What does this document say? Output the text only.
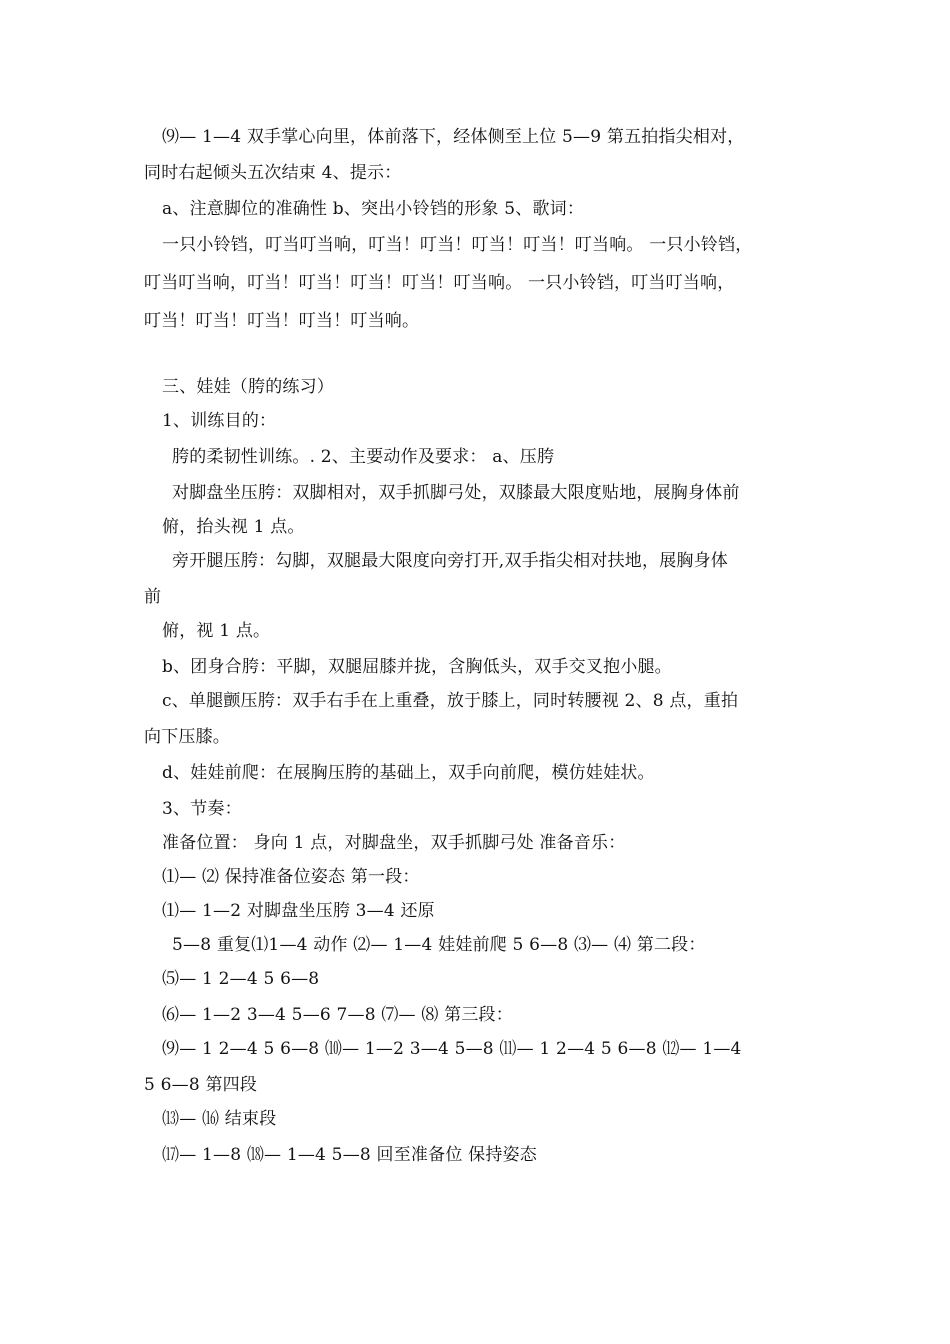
⑼— 1—4 双手掌心向里，体前落下，经体侧至上位 5—9 第五拍指尖相对，
同时右起倾头五次结束 4、提示：
a、注意脚位的准确性 b、突出小铃铛的形象 5、歌词：
一只小铃铛，叮当叮当响，叮当！叮当！叮当！叮当！叮当响。 一只小铃铛，
叮当叮当响，叮当！叮当！叮当！叮当！叮当响。 一只小铃铛，叮当叮当响，
叮当！叮当！叮当！叮当！叮当响。
三、娃娃（胯的练习）
1、训练目的：
胯的柔韧性训练。. 2、主要动作及要求： a、压胯
对脚盘坐压胯：双脚相对，双手抓脚弓处，双膝最大限度贴地，展胸身体前
俯，抬头视 1 点。
旁开腿压胯：勾脚，双腿最大限度向旁打开,双手指尖相对扶地，展胸身体
前
俯，视 1 点。
b、团身合胯：平脚，双腿屈膝并拢，含胸低头，双手交叉抱小腿。
c、单腿颤压胯：双手右手在上重叠，放于膝上，同时转腰视 2、8 点，重拍
向下压膝。
d、娃娃前爬：在展胸压胯的基础上，双手向前爬，模仿娃娃状。
3、节奏：
准备位置： 身向 1 点，对脚盘坐，双手抓脚弓处 准备音乐：
⑴— ⑵ 保持准备位姿态 第一段：
⑴— 1—2 对脚盘坐压胯 3—4 还原
5—8 重复⑴1—4 动作 ⑵— 1—4 娃娃前爬 5 6—8 ⑶— ⑷ 第二段：
⑸— 1 2—4 5 6—8
⑹— 1—2 3—4 5—6 7—8 ⑺— ⑻ 第三段：
⑼— 1 2—4 5 6—8 ⑽— 1—2 3—4 5—8 ⑾— 1 2—4 5 6—8 ⑿— 1—4
5 6—8 第四段
⒀— ⒃ 结束段
⒄— 1—8 ⒅— 1—4 5—8 回至准备位 保持姿态
